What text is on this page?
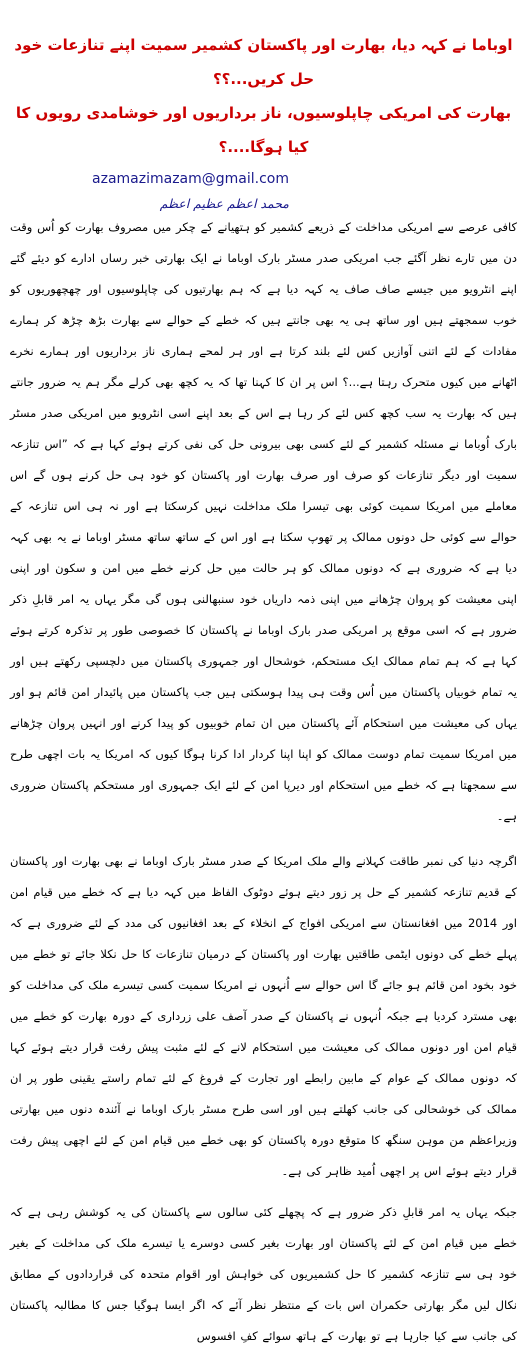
اوباما نے کہہ دیا، بھارت اور پاکستان کشمیر سمیت اپنے تنازعات خود حل کریں...؟؟
بھارت کی امریکی چاپلوسیوں، ناز برداریوں اور خوشامدی رویوں کا کیا ہوگا....؟
azamazimazam@gmail.com
محمد اعظم عظیم اعظم

کافی عرصے سے امریکی مداخلت کے ذریعے کشمیر کو ہتھیانے کے چکر میں مصروف بھارت کو اُس وقت دن میں تارے نظر آگئے جب امریکی صدر مسٹر بارک اوباما نے ایک بھارتی خبر رساں ادارے کو دیئے گئے اپنے انٹرویو میں جیسے صاف صاف یہ کہہ دیا ہے کہ ہم بھارتیوں کی چاپلوسیوں اور چھچھوریوں کو خوب سمجھتے ہیں اور ساتھ ہی یہ بھی جانتے ہیں کہ خطے کے حوالے سے بھارت بڑھ چڑھ کر ہمارے مفادات کے لئے اتنی آوازیں کس لئے بلند کرتا ہے اور ہر لمحے ہماری ناز برداریوں اور ہمارے نخرے اٹھانے میں کیوں متحرک رہتا ہے...؟ اس پر ان کا کہنا تھا کہ یہ کچھ بھی کرلے مگر ہم یہ ضرور جانتے ہیں کہ بھارت یہ سب کچھ کس لئے کر رہا ہے اس کے بعد اپنے اسی انٹرویو میں امریکی صدر مسٹر بارک اُوباما نے مسئلہ کشمیر کے لئے کسی بھی بیرونی حل کی نفی کرتے ہوئے کہا ہے کہ ”اس تنازعہ سمیت اور دیگر تنازعات کو صرف اور صرف بھارت اور پاکستان کو خود ہی حل کرنے ہوں گے اس معاملے میں امریکا سمیت کوئی بھی تیسرا ملک مداخلت نہیں کرسکتا ہے اور نہ ہی اس تنازعہ کے حوالے سے کوئی حل دونوں ممالک پر تھوپ سکتا ہے اور اس کے ساتھ ساتھ مسٹر اوباما نے یہ بھی کہہ دیا ہے کہ ضروری ہے کہ دونوں ممالک کو ہر حالت میں حل کرنے خطے میں امن و سکون اور اپنی اپنی معیشت کو پروان چڑھانے میں اپنی ذمہ داریاں خود سنبھالنی ہوں گی مگر یہاں یہ امر قابلِ ذکر ضرور ہے کہ اسی موقع پر امریکی صدر بارک اوباما نے پاکستان کا خصوصی طور پر تذکرہ کرتے ہوئے کہا ہے کہ ہم تمام ممالک ایک مستحکم، خوشحال اور جمہوری پاکستان میں دلچسپی رکھتے ہیں اور یہ تمام خوبیاں پاکستان میں اُس وقت ہی پیدا ہوسکتی ہیں جب پاکستان میں پائیدار امن قائم ہو اور یہاں کی معیشت میں استحکام آئے پاکستان میں ان تمام خوبیوں کو پیدا کرنے اور انہیں پروان چڑھانے میں امریکا سمیت تمام دوست ممالک کو اپنا اپنا کردار ادا کرنا ہوگا کیوں کہ امریکا یہ بات اچھی طرح سے سمجھتا ہے کہ خطے میں استحکام اور دیرپا امن کے لئے ایک جمہوری اور مستحکم پاکستان ضروری ہے۔

اگرچہ دنیا کی نمبر طاقت کہلانے والے ملک امریکا کے صدر مسٹر بارک اوباما نے بھی بھارت اور پاکستان کے قدیم تنازعہ کشمیر کے حل پر زور دیتے ہوئے دوٹوک الفاظ میں کہہ دیا ہے کہ خطے میں قیام امن اور 2014 میں افغانستان سے امریکی افواج کے انخلاء کے بعد افغانیوں کی مدد کے لئے ضروری ہے کہ پہلے خطے کی دونوں ایٹمی طاقتیں بھارت اور پاکستان کے درمیان تنازعات کا حل نکلا جائے تو خطے میں خود بخود امن قائم ہو جائے گا اس حوالے سے اُنہوں نے امریکا سمیت کسی تیسرے ملک کی مداخلت کو بھی مسترد کردیا ہے جبکہ اُنہوں نے پاکستان کے صدر آصف علی زرداری کے دورہ بھارت کو خطے میں قیام امن اور دونوں ممالک کی معیشت میں استحکام لانے کے لئے مثبت پیش رفت قرار دیتے ہوئے کہا کہ دونوں ممالک کے عوام کے مابین رابطے اور تجارت کے فروغ کے لئے تمام راستے یقینی طور پر ان ممالک کی خوشحالی کی جانب کھلتے ہیں اور اسی طرح مسٹر بارک اوباما نے آئندہ دنوں میں بھارتی وزیراعظم من موہن سنگھ کا متوقع دورہ پاکستان کو بھی خطے میں قیام امن کے لئے اچھی پیش رفت قرار دیتے ہوئے اس پر اچھی اُمید ظاہر کی ہے۔

جبکہ یہاں یہ امر قابلِ ذکر ضرور ہے کہ پچھلے کئی سالوں سے پاکستان کی یہ کوشش رہی ہے کہ خطے میں قیام امن کے لئے پاکستان اور بھارت بغیر کسی دوسرے یا تیسرے ملک کی مداخلت کے بغیر خود ہی سے تنازعہ کشمیر کا حل کشمیریوں کی خواہش اور اقوام متحدہ کی قراردادوں کے مطابق نکال لیں مگر بھارتی حکمران اس بات کے منتظر نظر آئے کہ اگر ایسا ہوگیا جس کا مطالبہ پاکستان کی جانب سے کیا جارہا ہے تو بھارت کے ہاتھ سوائے کفِ افسوس
